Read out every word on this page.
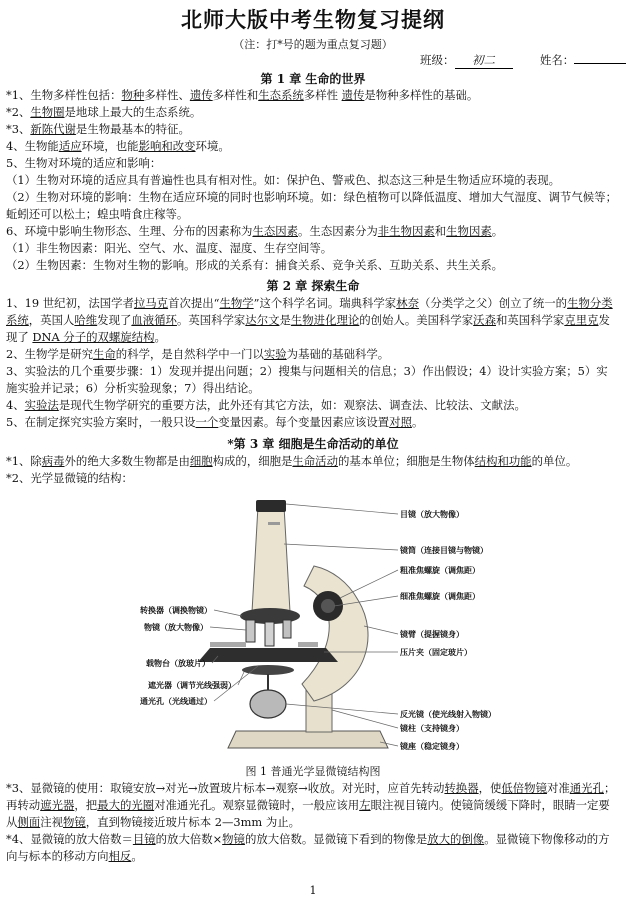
北师大版中考生物复习提纲
（注：打*号的题为重点复习题）
班级： 初二	姓名：
第 1 章 生命的世界
*1、生物多样性包括：物种多样性、遗传多样性和生态系统多样性 遗传是物种多样性的基础。
*2、生物圈是地球上最大的生态系统。
*3、新陈代谢是生物最基本的特征。
4、生物能适应环境，也能影响和改变环境。
5、生物对环境的适应和影响：
（1）生物对环境的适应具有普遍性也具有相对性。如：保护色、警戒色、拟态这三种是生物适应环境的表现。
（2）生物对环境的影响：生物在适应环境的同时也影响环境。如：绿色植物可以降低温度、增加大气湿度、调节气候等；蚯蚓还可以松土；蝗虫啃食庄稼等。
6、环境中影响生物形态、生理、分布的因素称为生态因素。生态因素分为非生物因素和生物因素。
（1）非生物因素：阳光、空气、水、温度、湿度、生存空间等。
（2）生物因素：生物对生物的影响。形成的关系有：捕食关系、竞争关系、互助关系、共生关系。
第 2 章 探索生命
1、19 世纪初，法国学者拉马克首次提出“生物学”这个科学名词。瑞典科学家林奈（分类学之父）创立了统一的生物分类系统，英国人哈维发现了血液循环。英国科学家达尔文是生物进化理论的创始人。美国科学家沃森和英国科学家克里克发现了 DNA 分子的双螺旋结构。
2、生物学是研究生命的科学，是自然科学中一门以实验为基础的基础科学。
3、实验法的几个重要步骤：1）发现并提出问题；2）搜集与问题相关的信息；3）作出假设；4）设计实验方案；5）实施实验并记录；6）分析实验现象；7）得出结论。
4、实验法是现代生物学研究的重要方法，此外还有其它方法，如：观察法、调查法、比较法、文献法。
5、在制定探究实验方案时，一般只设一个变量因素。每个变量因素应该设置对照。
*第 3 章 细胞是生命活动的单位
*1、除病毒外的绝大多数生物都是由细胞构成的，细胞是生命活动的基本单位；细胞是生物体结构和功能的单位。
*2、光学显微镜的结构：
目镜（放大物像）
镜筒（连接目镜与物镜）
粗准焦螺旋（调焦距）
细准焦螺旋（调焦距）
镜臂（提握镜身）
压片夹（固定玻片）
反光镜（使光线射入物镜）
镜柱（支持镜身）
镜座（稳定镜身）
转换器（调换物镜）
物镜（放大物像）
载物台（放玻片）
遮光器（调节光线强弱）
通光孔（光线通过）
图 1 普通光学显微镜结构图
*3、显微镜的使用：取镜安放→对光→放置玻片标本→观察→收放。对光时，应首先转动转换器，使低倍物镜对准通光孔；再转动遮光器，把最大的光圈对准通光孔。观察显微镜时，一般应该用左眼注视目镜内。使镜筒缓缓下降时，眼睛一定要从侧面注视物镜，直到物镜接近玻片标本 2—3mm 为止。
*4、显微镜的放大倍数＝目镜的放大倍数×物镜的放大倍数。显微镜下看到的物像是放大的倒像。显微镜下物像移动的方向与标本的移动方向相反。
1
